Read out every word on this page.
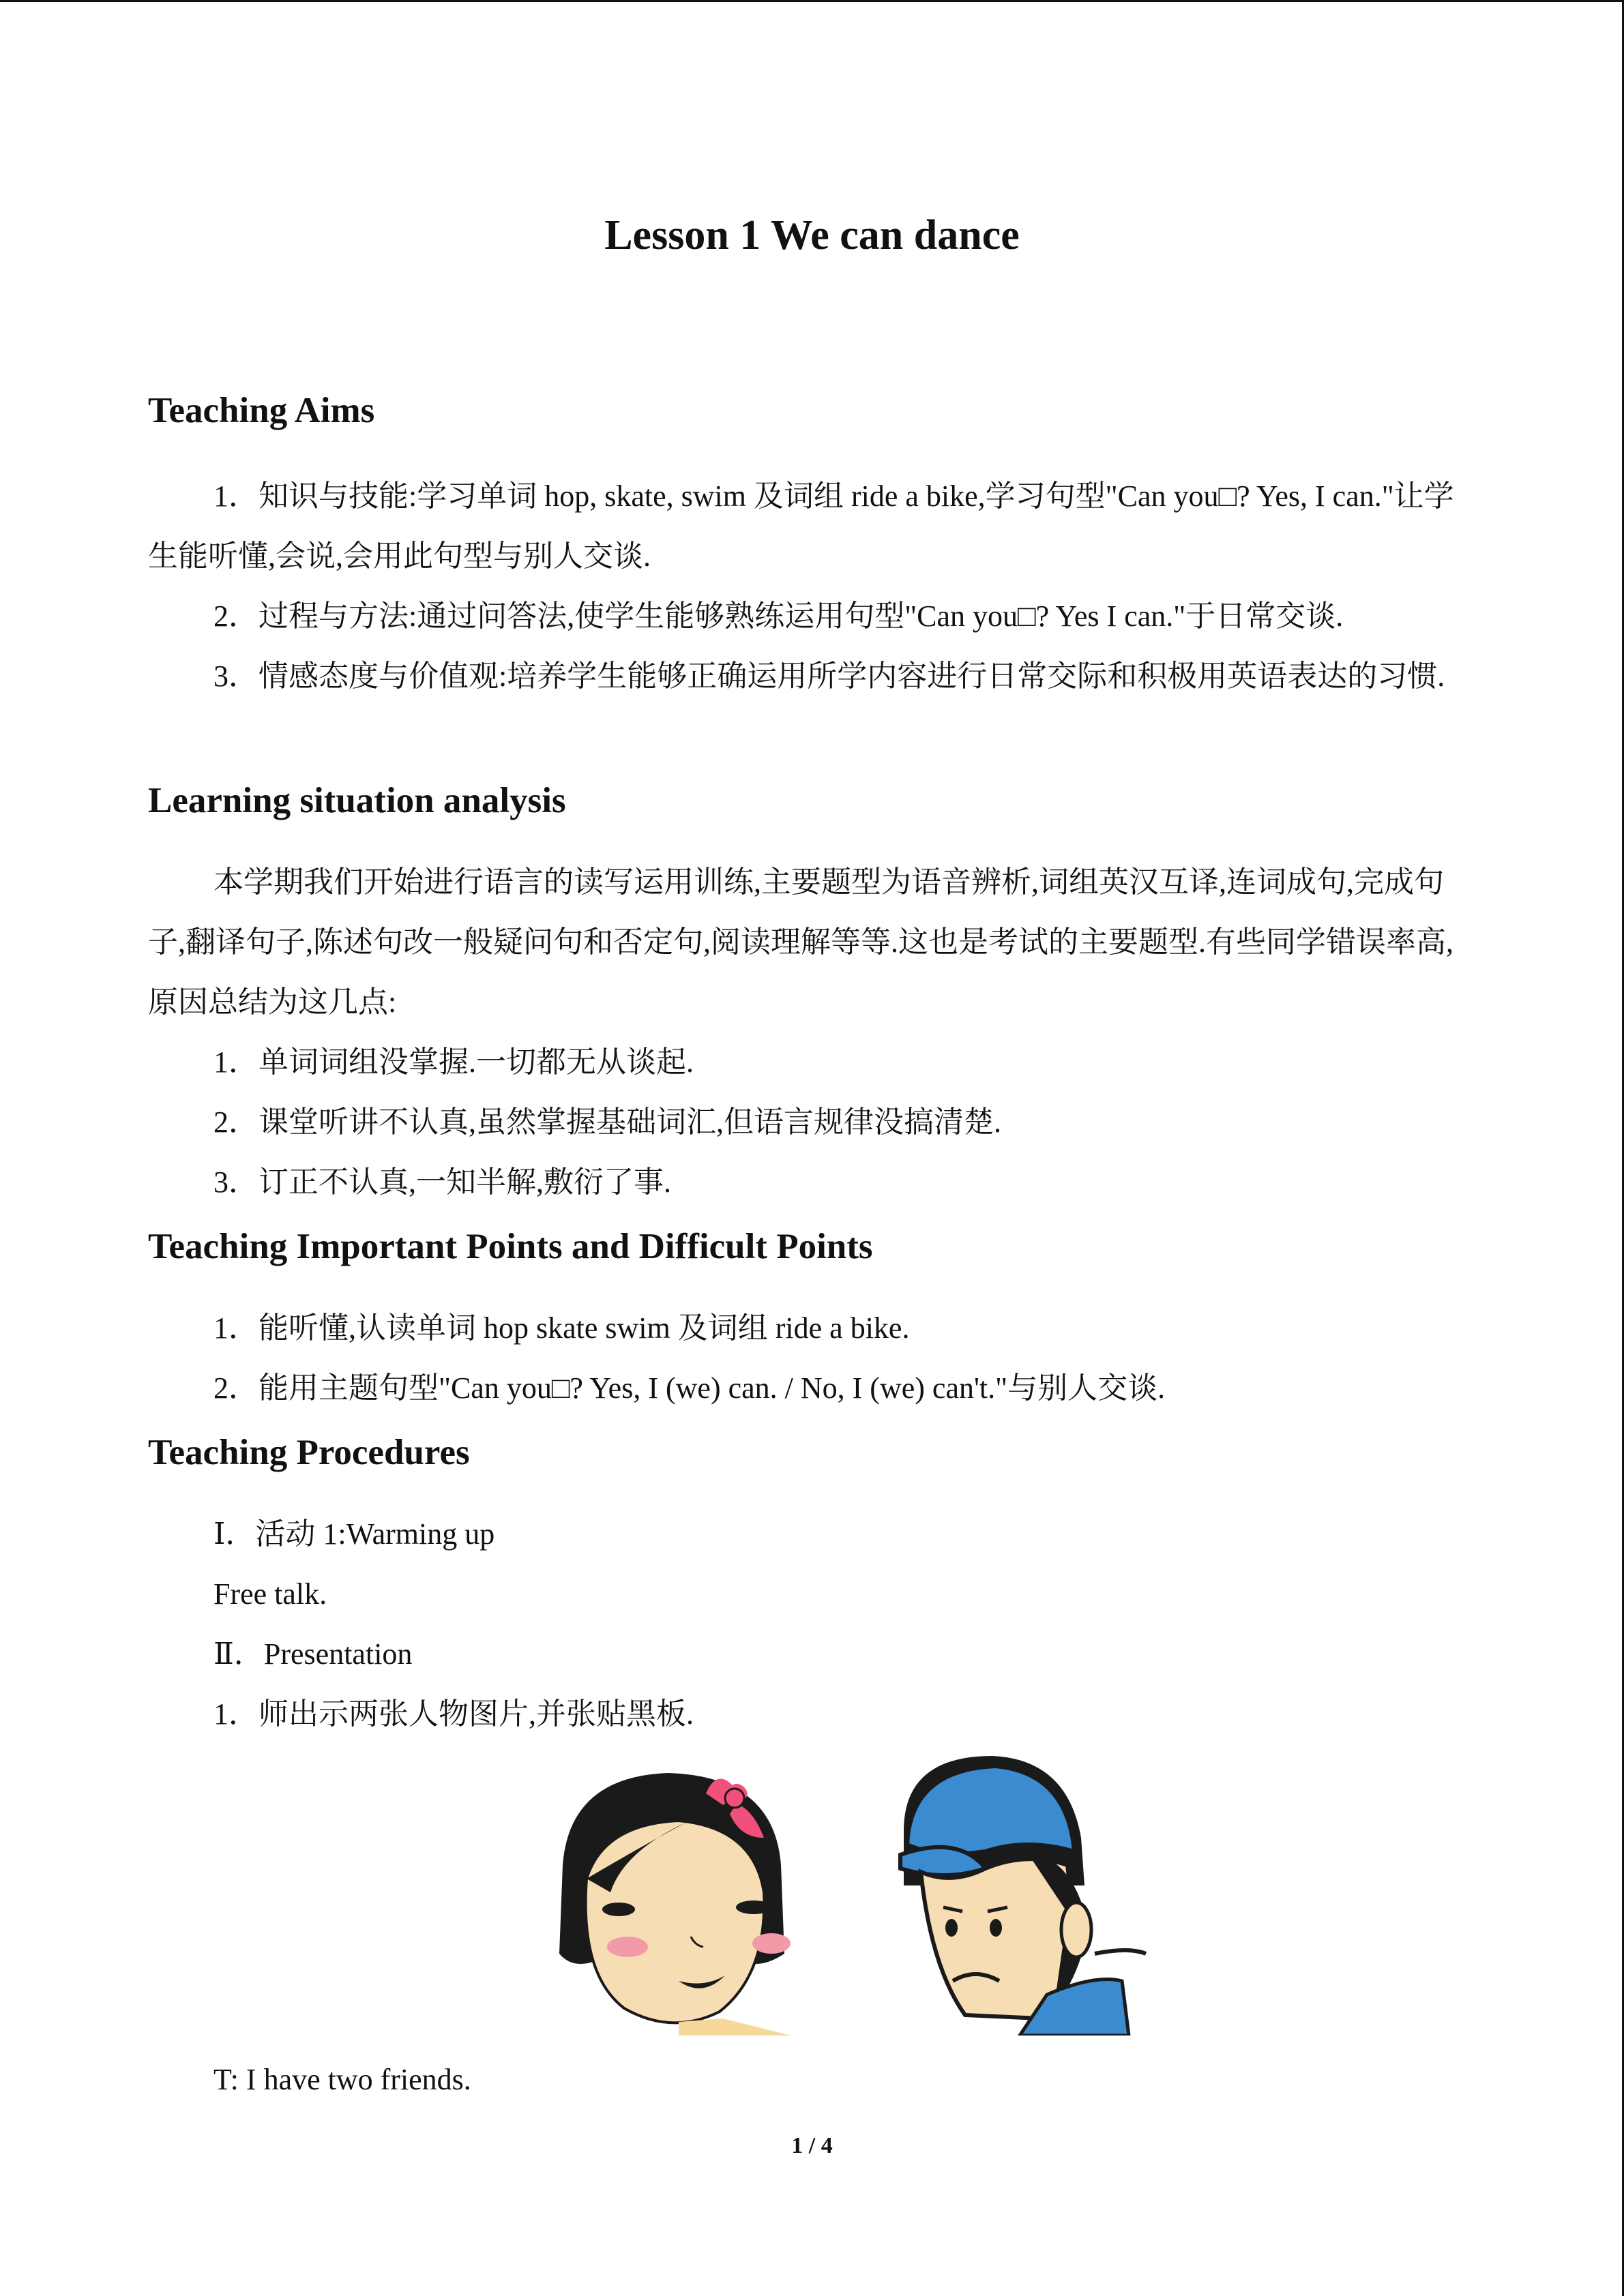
Lesson 1 We can dance
Teaching Aims

1．知识与技能:学习单词 hop, skate, swim 及词组 ride a bike,学习句型"Can you□? Yes, I can."让学生能听懂,会说,会用此句型与别人交谈.

2．过程与方法:通过问答法,使学生能够熟练运用句型"Can you□? Yes I can."于日常交谈.

3．情感态度与价值观:培养学生能够正确运用所学内容进行日常交际和积极用英语表达的习惯.

Learning situation analysis

本学期我们开始进行语言的读写运用训练,主要题型为语音辨析,词组英汉互译,连词成句,完成句子,翻译句子,陈述句改一般疑问句和否定句,阅读理解等等.这也是考试的主要题型.有些同学错误率高,原因总结为这几点:

1．单词词组没掌握.一切都无从谈起.

2．课堂听讲不认真,虽然掌握基础词汇,但语言规律没搞清楚.

3．订正不认真,一知半解,敷衍了事.

Teaching Important Points and Difficult Points

1．能听懂,认读单词 hop skate swim 及词组 ride a bike.

2．能用主题句型"Can you□? Yes, I (we) can. / No, I (we) can't."与别人交谈.

Teaching Procedures

Ⅰ．活动 1:Warming up

Free talk.

Ⅱ．Presentation

1．师出示两张人物图片,并张贴黑板.

T: I have two friends.

1 / 4
